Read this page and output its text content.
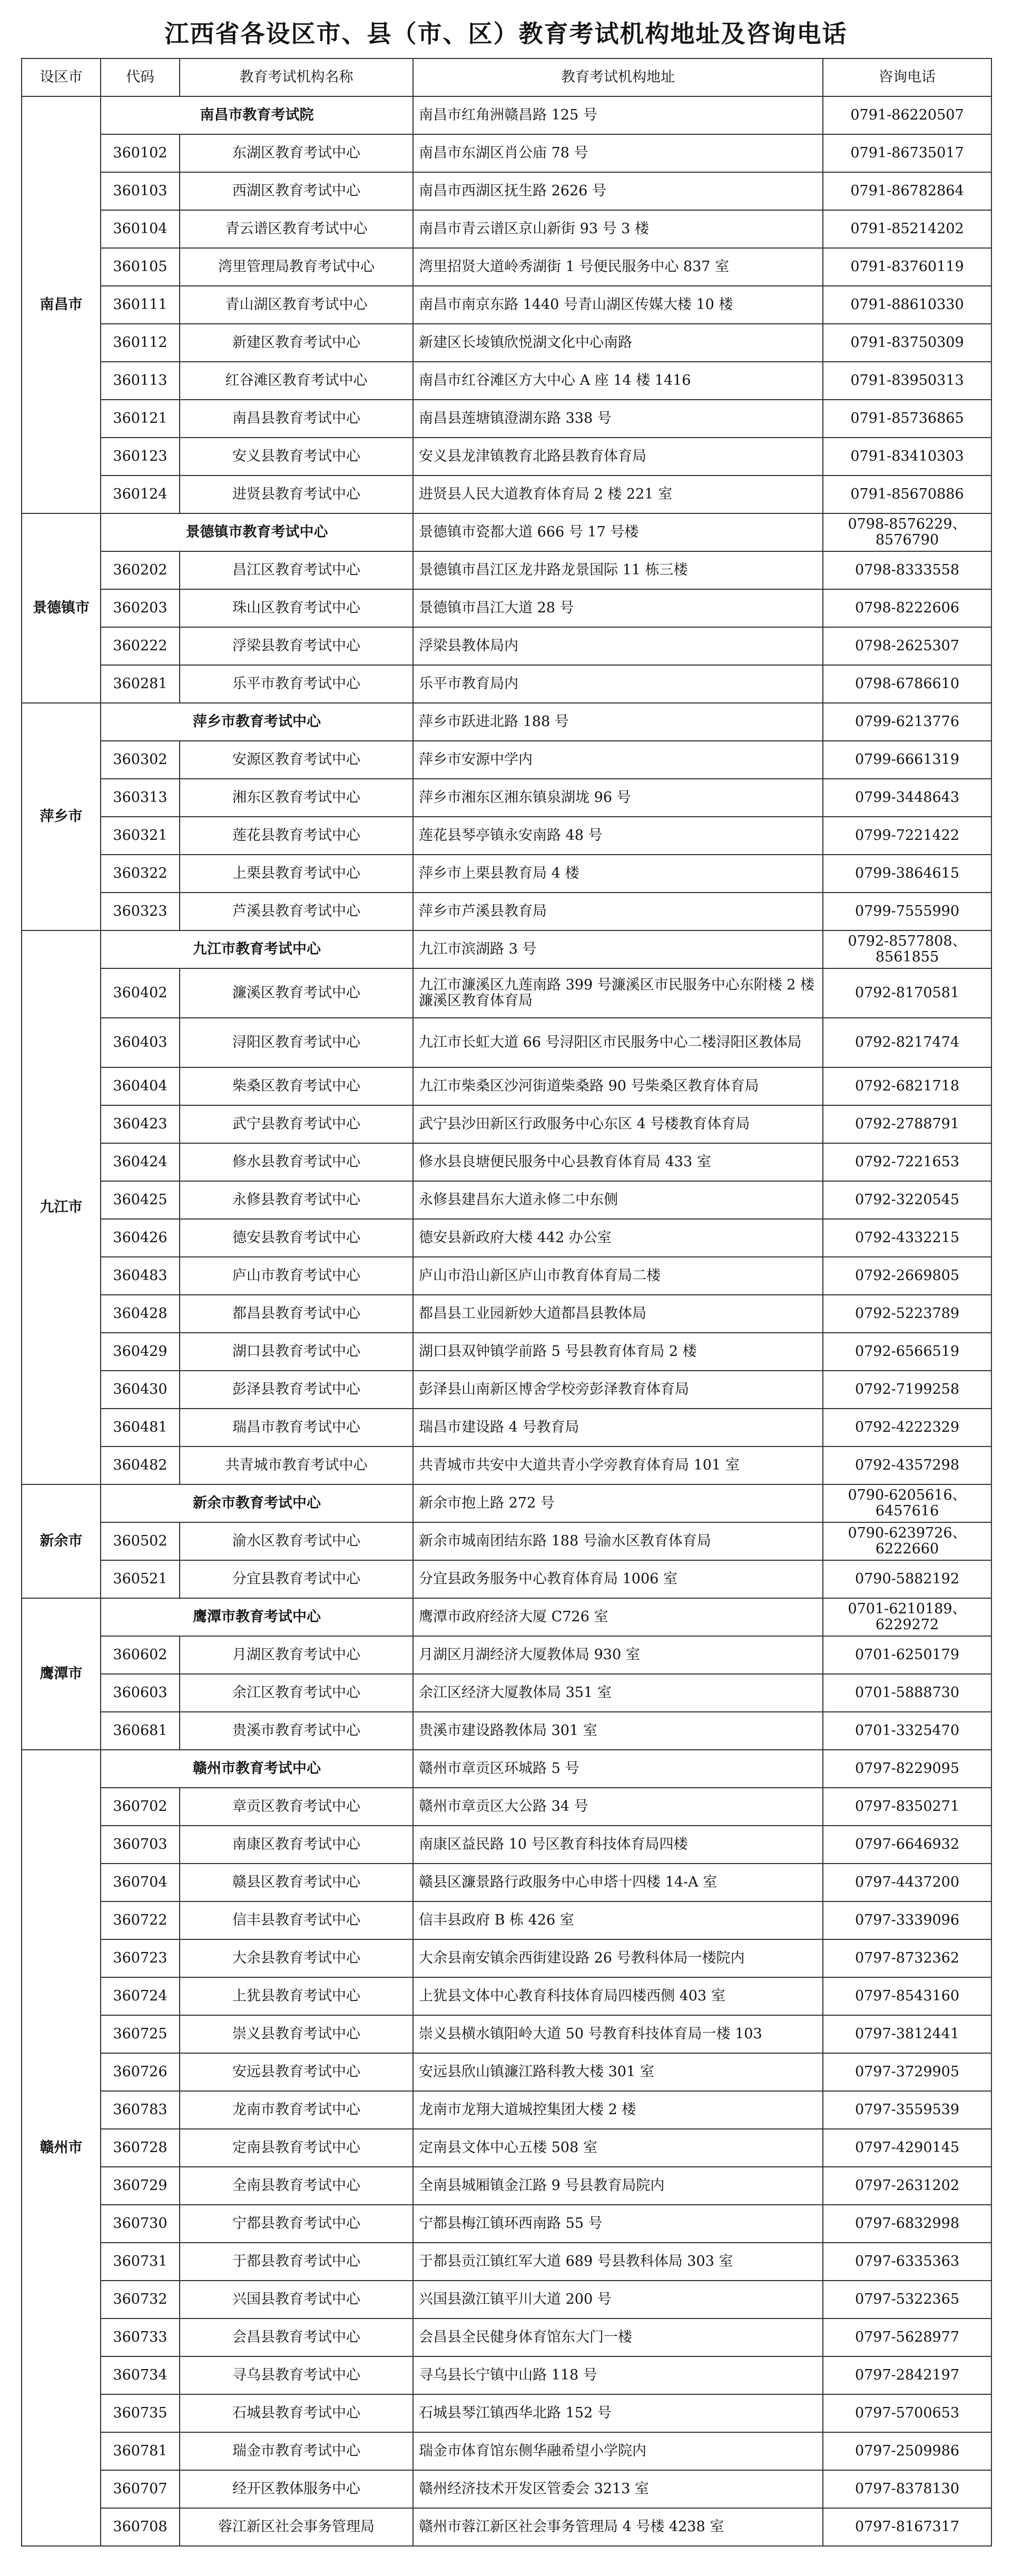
江西省各设区市、县（市、区）教育考试机构地址及咨询电话
设区市	代码	教育考试机构名称	教育考试机构地址	咨询电话
南昌市	南昌市教育考试院		南昌市红角洲赣昌路 125 号	0791-86220507
	360102	东湖区教育考试中心	南昌市东湖区肖公庙 78 号	0791-86735017
	360103	西湖区教育考试中心	南昌市西湖区抚生路 2626 号	0791-86782864
	360104	青云谱区教育考试中心	南昌市青云谱区京山新街 93 号 3 楼	0791-85214202
	360105	湾里管理局教育考试中心	湾里招贤大道岭秀湖街 1 号便民服务中心 837 室	0791-83760119
	360111	青山湖区教育考试中心	南昌市南京东路 1440 号青山湖区传媒大楼 10 楼	0791-88610330
	360112	新建区教育考试中心	新建区长堎镇欣悦湖文化中心南路	0791-83750309
	360113	红谷滩区教育考试中心	南昌市红谷滩区方大中心 A 座 14 楼 1416	0791-83950313
	360121	南昌县教育考试中心	南昌县莲塘镇澄湖东路 338 号	0791-85736865
	360123	安义县教育考试中心	安义县龙津镇教育北路县教育体育局	0791-83410303
	360124	进贤县教育考试中心	进贤县人民大道教育体育局 2 楼 221 室	0791-85670886
景德镇市	景德镇市教育考试中心		景德镇市瓷都大道 666 号 17 号楼	0798-8576229、8576790
	360202	昌江区教育考试中心	景德镇市昌江区龙井路龙景国际 11 栋三楼	0798-8333558
	360203	珠山区教育考试中心	景德镇市昌江大道 28 号	0798-8222606
	360222	浮梁县教育考试中心	浮梁县教体局内	0798-2625307
	360281	乐平市教育考试中心	乐平市教育局内	0798-6786610
萍乡市	萍乡市教育考试中心		萍乡市跃进北路 188 号	0799-6213776
	360302	安源区教育考试中心	萍乡市安源中学内	0799-6661319
	360313	湘东区教育考试中心	萍乡市湘东区湘东镇泉湖垅 96 号	0799-3448643
	360321	莲花县教育考试中心	莲花县琴亭镇永安南路 48 号	0799-7221422
	360322	上栗县教育考试中心	萍乡市上栗县教育局 4 楼	0799-3864615
	360323	芦溪县教育考试中心	萍乡市芦溪县教育局	0799-7555990
九江市	九江市教育考试中心		九江市滨湖路 3 号	0792-8577808、8561855
	360402	濂溪区教育考试中心	九江市濂溪区九莲南路 399 号濂溪区市民服务中心东附楼 2 楼濂溪区教育体育局	0792-8170581
	360403	浔阳区教育考试中心	九江市长虹大道 66 号浔阳区市民服务中心二楼浔阳区教体局	0792-8217474
	360404	柴桑区教育考试中心	九江市柴桑区沙河街道柴桑路 90 号柴桑区教育体育局	0792-6821718
	360423	武宁县教育考试中心	武宁县沙田新区行政服务中心东区 4 号楼教育体育局	0792-2788791
	360424	修水县教育考试中心	修水县良塘便民服务中心县教育体育局 433 室	0792-7221653
	360425	永修县教育考试中心	永修县建昌东大道永修二中东侧	0792-3220545
	360426	德安县教育考试中心	德安县新政府大楼 442 办公室	0792-4332215
	360483	庐山市教育考试中心	庐山市沿山新区庐山市教育体育局二楼	0792-2669805
	360428	都昌县教育考试中心	都昌县工业园新妙大道都昌县教体局	0792-5223789
	360429	湖口县教育考试中心	湖口县双钟镇学前路 5 号县教育体育局 2 楼	0792-6566519
	360430	彭泽县教育考试中心	彭泽县山南新区博舍学校旁彭泽教育体育局	0792-7199258
	360481	瑞昌市教育考试中心	瑞昌市建设路 4 号教育局	0792-4222329
	360482	共青城市教育考试中心	共青城市共安中大道共青小学旁教育体育局 101 室	0792-4357298
新余市	新余市教育考试中心		新余市抱上路 272 号	0790-6205616、6457616
	360502	渝水区教育考试中心	新余市城南团结东路 188 号渝水区教育体育局	0790-6239726、6222660
	360521	分宜县教育考试中心	分宜县政务服务中心教育体育局 1006 室	0790-5882192
鹰潭市	鹰潭市教育考试中心		鹰潭市政府经济大厦 C726 室	0701-6210189、6229272
	360602	月湖区教育考试中心	月湖区月湖经济大厦教体局 930 室	0701-6250179
	360603	余江区教育考试中心	余江区经济大厦教体局 351 室	0701-5888730
	360681	贵溪市教育考试中心	贵溪市建设路教体局 301 室	0701-3325470
赣州市	赣州市教育考试中心		赣州市章贡区环城路 5 号	0797-8229095
	360702	章贡区教育考试中心	赣州市章贡区大公路 34 号	0797-8350271
	360703	南康区教育考试中心	南康区益民路 10 号区教育科技体育局四楼	0797-6646932
	360704	赣县区教育考试中心	赣县区濂景路行政服务中心申塔十四楼 14-A 室	0797-4437200
	360722	信丰县教育考试中心	信丰县政府 B 栋 426 室	0797-3339096
	360723	大余县教育考试中心	大余县南安镇余西街建设路 26 号教科体局一楼院内	0797-8732362
	360724	上犹县教育考试中心	上犹县文体中心教育科技体育局四楼西侧 403 室	0797-8543160
	360725	崇义县教育考试中心	崇义县横水镇阳岭大道 50 号教育科技体育局一楼 103	0797-3812441
	360726	安远县教育考试中心	安远县欣山镇濂江路科教大楼 301 室	0797-3729905
	360783	龙南市教育考试中心	龙南市龙翔大道城控集团大楼 2 楼	0797-3559539
	360728	定南县教育考试中心	定南县文体中心五楼 508 室	0797-4290145
	360729	全南县教育考试中心	全南县城厢镇金江路 9 号县教育局院内	0797-2631202
	360730	宁都县教育考试中心	宁都县梅江镇环西南路 55 号	0797-6832998
	360731	于都县教育考试中心	于都县贡江镇红军大道 689 号县教科体局 303 室	0797-6335363
	360732	兴国县教育考试中心	兴国县潋江镇平川大道 200 号	0797-5322365
	360733	会昌县教育考试中心	会昌县全民健身体育馆东大门一楼	0797-5628977
	360734	寻乌县教育考试中心	寻乌县长宁镇中山路 118 号	0797-2842197
	360735	石城县教育考试中心	石城县琴江镇西华北路 152 号	0797-5700653
	360781	瑞金市教育考试中心	瑞金市体育馆东侧华融希望小学院内	0797-2509986
	360707	经开区教体服务中心	赣州经济技术开发区管委会 3213 室	0797-8378130
	360708	蓉江新区社会事务管理局	赣州市蓉江新区社会事务管理局 4 号楼 4238 室	0797-8167317
